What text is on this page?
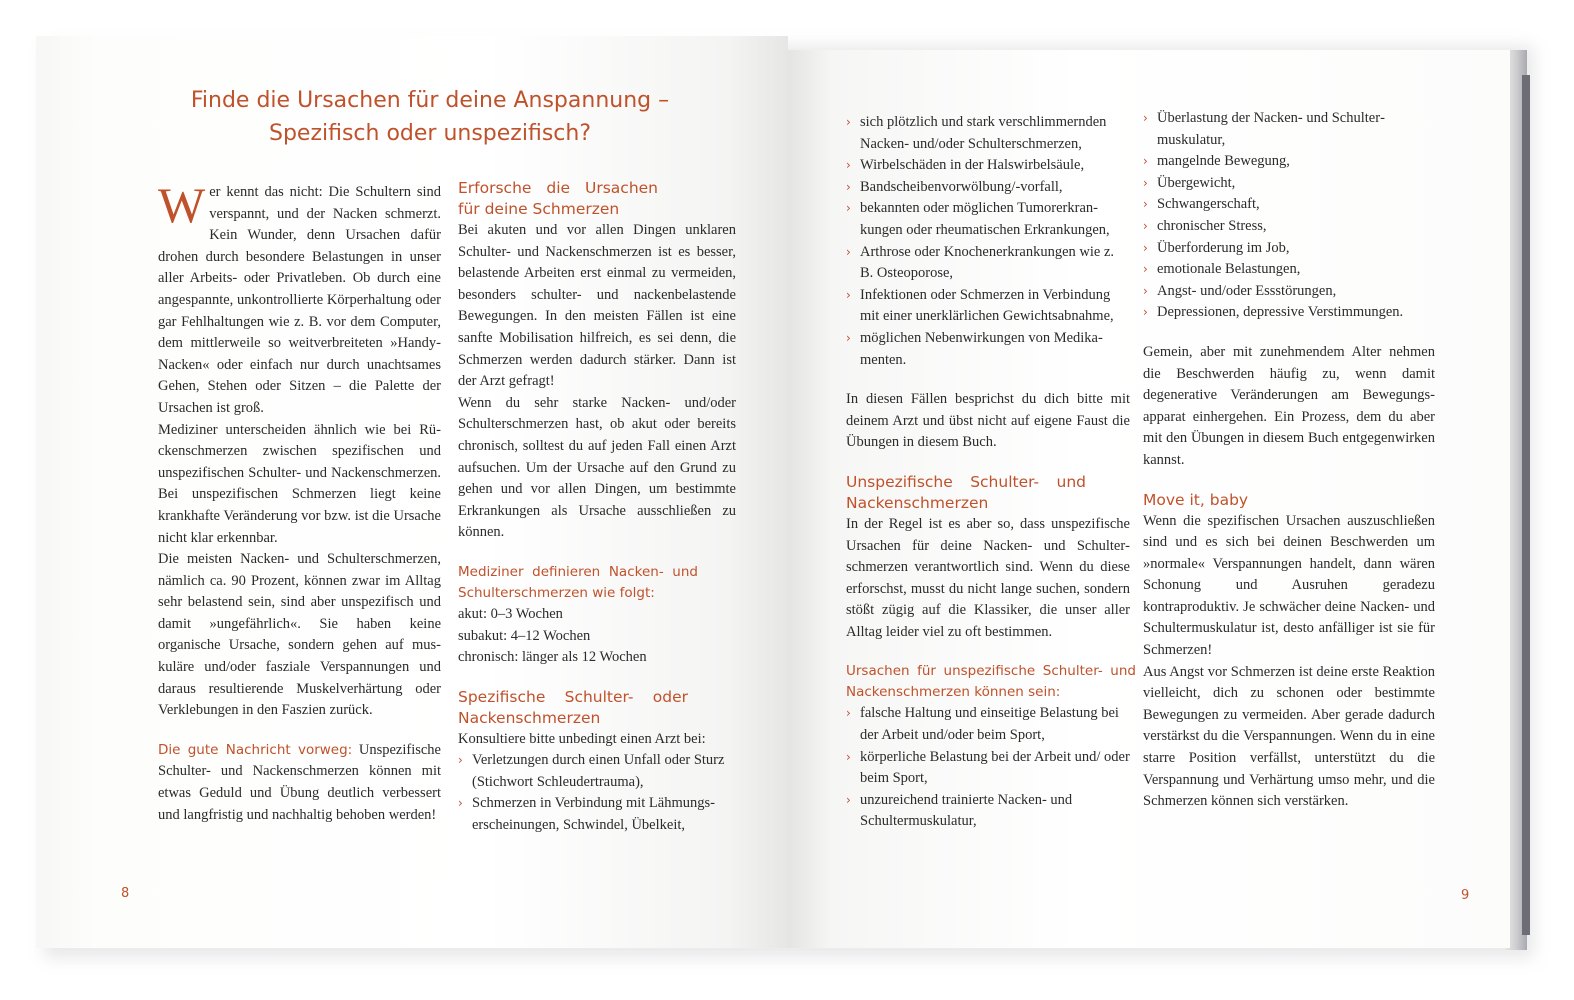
Finde die Ursachen für deine Anspannung – Spezifisch oder unspezifisch?

Wer kennt das nicht: Die Schultern sind verspannt, und der Nacken schmerzt. Kein Wunder, denn Ursachen dafür drohen durch besondere Belastungen in unser aller Arbeits- oder Privatleben. Ob durch eine angespannte, unkontrollierte Körperhaltung oder gar Fehlhaltungen wie z. B. vor dem Computer, dem mittlerweile so weitverbreiteten »Handy-Nacken« oder einfach nur durch unachtsames Gehen, Stehen oder Sitzen – die Palette der Ursachen ist groß.

Mediziner unterscheiden ähnlich wie bei Rückenschmerzen zwischen spezifischen und unspezifischen Schulter- und Nackenschmerzen. Bei unspezifischen Schmerzen liegt keine krankhafte Veränderung vor bzw. ist die Ursache nicht klar erkennbar.

Die meisten Nacken- und Schulterschmerzen, nämlich ca. 90 Prozent, können zwar im Alltag sehr belastend sein, sind aber unspezifisch und damit »ungefährlich«. Sie haben keine organische Ursache, sondern gehen auf muskuläre und/oder fasziale Verspannungen und daraus resultierende Muskelverhärtung oder Verklebungen in den Faszien zurück.

Die gute Nachricht vorweg: Unspezifische Schulter- und Nackenschmerzen können mit etwas Geduld und Übung deutlich verbessert und langfristig und nachhaltig behoben werden!

Erforsche die Ursachen für deine Schmerzen

Bei akuten und vor allen Dingen unklaren Schulter- und Nackenschmerzen ist es besser, belastende Arbeiten erst einmal zu vermeiden, besonders schulter- und nackenbelastende Bewegungen. In den meisten Fällen ist eine sanfte Mobilisation hilfreich, es sei denn, die Schmerzen werden dadurch stärker. Dann ist der Arzt gefragt!

Wenn du sehr starke Nacken- und/oder Schulterschmerzen hast, ob akut oder bereits chronisch, solltest du auf jeden Fall einen Arzt aufsuchen. Um der Ursache auf den Grund zu gehen und vor allen Dingen, um bestimmte Erkrankungen als Ursache ausschließen zu können.

Mediziner definieren Nacken- und Schulterschmerzen wie folgt:

akut: 0–3 Wochen

subakut: 4–12 Wochen

chronisch: länger als 12 Wochen

Spezifische Schulter- oder Nackenschmerzen

Konsultiere bitte unbedingt einen Arzt bei:

› Verletzungen durch einen Unfall oder Sturz (Stichwort Schleudertrauma),
› Schmerzen in Verbindung mit Lähmungserscheinungen, Schwindel, Übelkeit,
› sich plötzlich und stark verschlimmernden Nacken- und/oder Schulterschmerzen,
› Wirbelschäden in der Halswirbelsäule,
› Bandscheibenvorwölbung/-vorfall,
› bekannten oder möglichen Tumorerkrankungen oder rheumatischen Erkrankungen,
› Arthrose oder Knochenerkrankungen wie z. B. Osteoporose,
› Infektionen oder Schmerzen in Verbindung mit einer unerklärlichen Gewichtsabnahme,
› möglichen Nebenwirkungen von Medikamenten.

In diesen Fällen besprichst du dich bitte mit deinem Arzt und übst nicht auf eigene Faust die Übungen in diesem Buch.

Unspezifische Schulter- und Nackenschmerzen

In der Regel ist es aber so, dass unspezifische Ursachen für deine Nacken- und Schulterschmerzen verantwortlich sind. Wenn du diese erforschst, musst du nicht lange suchen, sondern stößt zügig auf die Klassiker, die unser aller Alltag leider viel zu oft bestimmen.

Ursachen für unspezifische Schulter- und Nackenschmerzen können sein:
› falsche Haltung und einseitige Belastung bei der Arbeit und/oder beim Sport,
› körperliche Belastung bei der Arbeit und/ oder beim Sport,
› unzureichend trainierte Nacken- und Schultermuskulatur,
› Überlastung der Nacken- und Schultermuskulatur,
› mangelnde Bewegung,
› Übergewicht,
› Schwangerschaft,
› chronischer Stress,
› Überforderung im Job,
› emotionale Belastungen,
› Angst- und/oder Essstörungen,
› Depressionen, depressive Verstimmungen.

Gemein, aber mit zunehmendem Alter nehmen die Beschwerden häufig zu, wenn damit degenerative Veränderungen am Bewegungsapparat einhergehen. Ein Prozess, dem du aber mit den Übungen in diesem Buch entgegenwirken kannst.

Move it, baby

Wenn die spezifischen Ursachen auszuschließen sind und es sich bei deinen Beschwerden um »normale« Verspannungen handelt, dann wären Schonung und Ausruhen geradezu kontraproduktiv. Je schwächer deine Nacken- und Schultermuskulatur ist, desto anfälliger ist sie für Schmerzen!

Aus Angst vor Schmerzen ist deine erste Reaktion vielleicht, dich zu schonen oder bestimmte Bewegungen zu vermeiden. Aber gerade dadurch verstärkst du die Verspannungen. Wenn du in eine starre Position verfällst, unterstützt du die Verspannung und Verhärtung umso mehr, und die Schmerzen können sich verstärken.

8	9
